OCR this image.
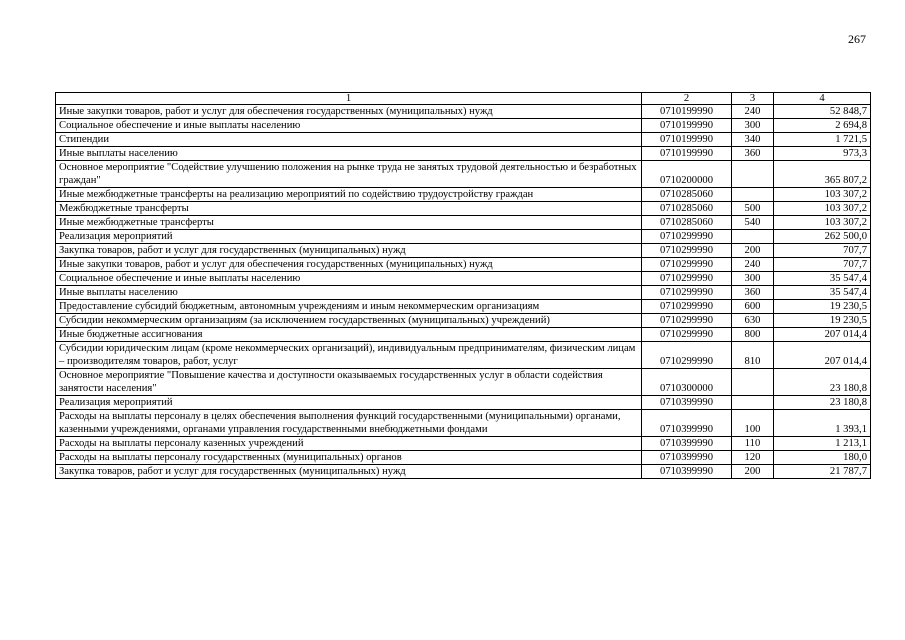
267
1	2	3	4
Иные закупки товаров, работ и услуг для обеспечения государственных (муниципальных) нужд	0710199990	240	52 848,7
Социальное обеспечение и иные выплаты населению	0710199990	300	2 694,8
Стипендии	0710199990	340	1 721,5
Иные выплаты населению	0710199990	360	973,3
Основное мероприятие "Содействие улучшению положения на рынке труда не занятых трудовой деятельностью и безработных граждан"	0710200000		365 807,2
Иные межбюджетные трансферты на реализацию мероприятий по содействию трудоустройству граждан	0710285060		103 307,2
Межбюджетные трансферты	0710285060	500	103 307,2
Иные межбюджетные трансферты	0710285060	540	103 307,2
Реализация мероприятий	0710299990		262 500,0
Закупка товаров, работ и услуг для государственных (муниципальных) нужд	0710299990	200	707,7
Иные закупки товаров, работ и услуг для обеспечения государственных (муниципальных) нужд	0710299990	240	707,7
Социальное обеспечение и иные выплаты населению	0710299990	300	35 547,4
Иные выплаты населению	0710299990	360	35 547,4
Предоставление субсидий бюджетным, автономным учреждениям и иным некоммерческим организациям	0710299990	600	19 230,5
Субсидии некоммерческим организациям (за исключением государственных (муниципальных) учреждений)	0710299990	630	19 230,5
Иные бюджетные ассигнования	0710299990	800	207 014,4
Субсидии юридическим лицам (кроме некоммерческих организаций), индивидуальным предпринимателям, физическим лицам – производителям товаров, работ, услуг	0710299990	810	207 014,4
Основное мероприятие "Повышение качества и доступности оказываемых государственных услуг в области содействия занятости населения"	0710300000		23 180,8
Реализация мероприятий	0710399990		23 180,8
Расходы на выплаты персоналу в целях обеспечения выполнения функций государственными (муниципальными) органами, казенными учреждениями, органами управления государственными внебюджетными фондами	0710399990	100	1 393,1
Расходы на выплаты персоналу казенных учреждений	0710399990	110	1 213,1
Расходы на выплаты персоналу государственных (муниципальных) органов	0710399990	120	180,0
Закупка товаров, работ и услуг для государственных (муниципальных) нужд	0710399990	200	21 787,7
